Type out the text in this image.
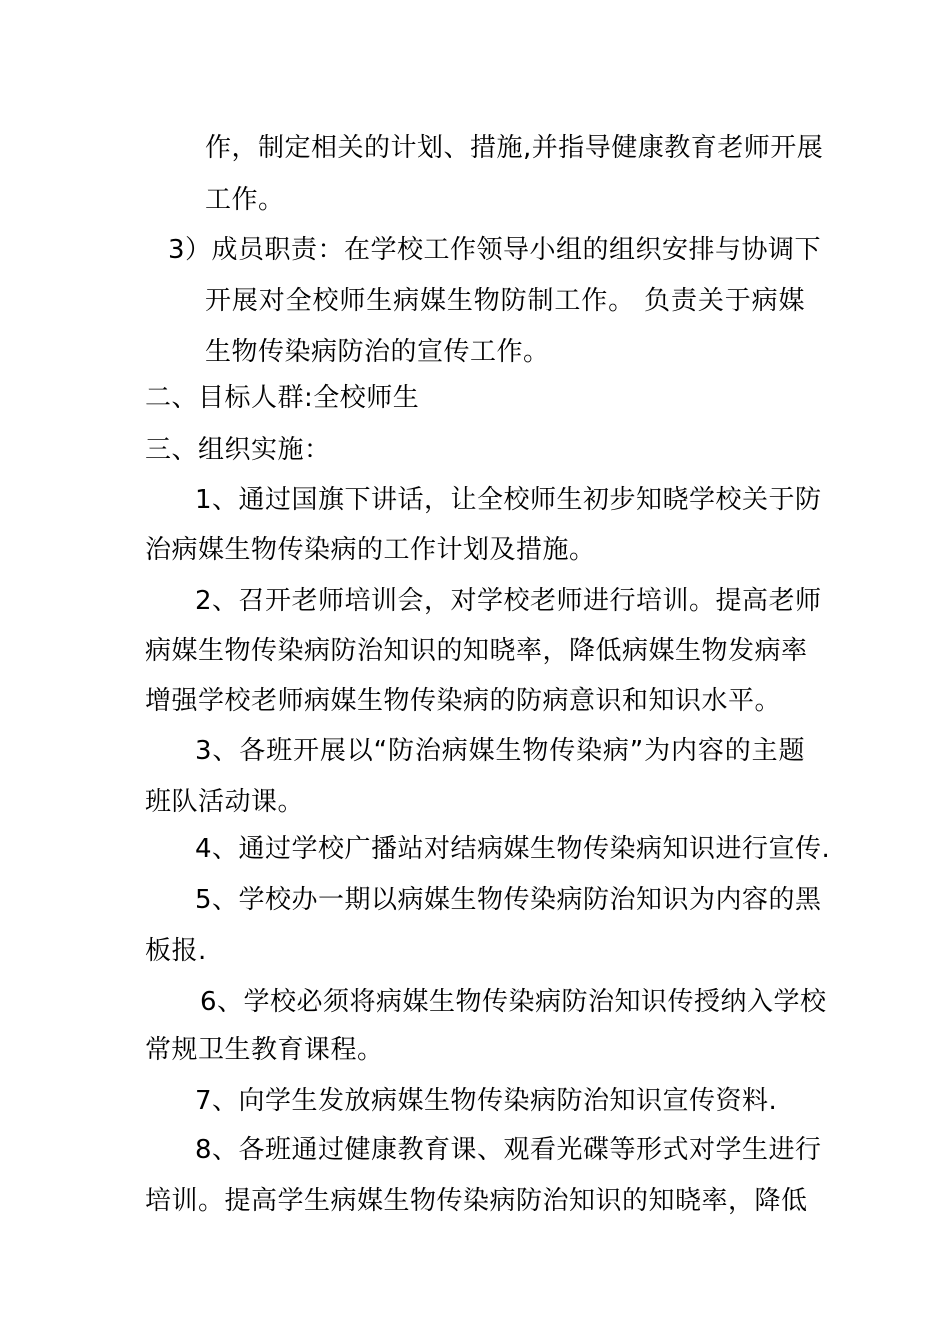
作，制定相关的计划、措施,并指导健康教育老师开展
工作。
3）成员职责：在学校工作领导小组的组织安排与协调下
开展对全校师生病媒生物防制工作。 负责关于病媒
生物传染病防治的宣传工作。
二、目标人群:全校师生
三、组织实施：
1、通过国旗下讲话，让全校师生初步知晓学校关于防
治病媒生物传染病的工作计划及措施。
2、召开老师培训会，对学校老师进行培训。提高老师
病媒生物传染病防治知识的知晓率，降低病媒生物发病率
增强学校老师病媒生物传染病的防病意识和知识水平。
3、各班开展以“防治病媒生物传染病”为内容的主题
班队活动课。
4、通过学校广播站对结病媒生物传染病知识进行宣传.
5、学校办一期以病媒生物传染病防治知识为内容的黑
板报.
6、学校必须将病媒生物传染病防治知识传授纳入学校
常规卫生教育课程。
7、向学生发放病媒生物传染病防治知识宣传资料.
8、各班通过健康教育课、观看光碟等形式对学生进行
培训。提高学生病媒生物传染病防治知识的知晓率，降低
